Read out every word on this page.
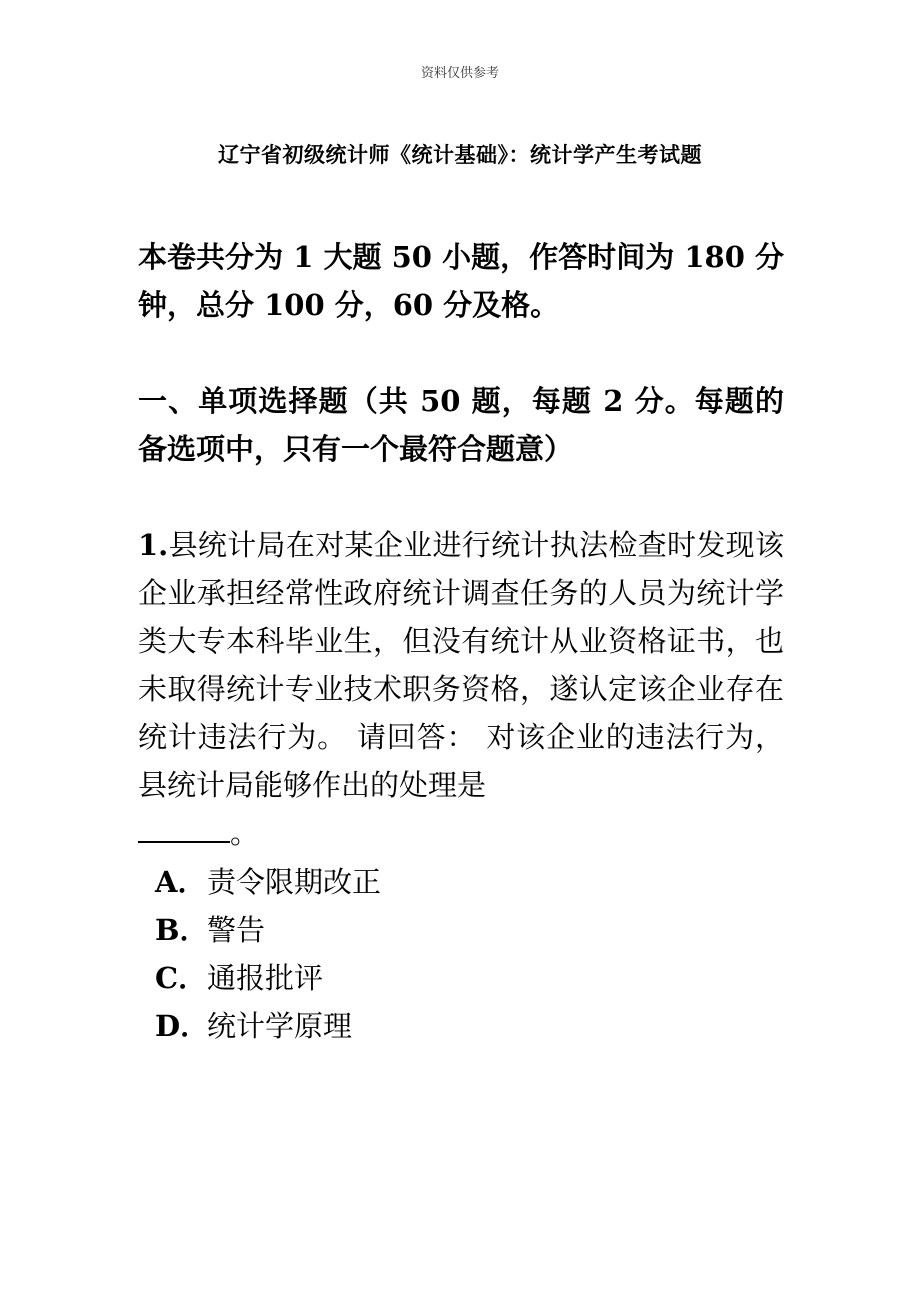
资料仅供参考
辽宁省初级统计师《统计基础》：统计学产生考试题

本卷共分为 1 大题 50 小题，作答时间为 180 分钟，总分 100 分，60 分及格。

一、单项选择题（共 50 题，每题 2 分。每题的备选项中，只有一个最符合题意）

1.县统计局在对某企业进行统计执法检查时发现该企业承担经常性政府统计调查任务的人员为统计学类大专本科毕业生，但没有统计从业资格证书，也未取得统计专业技术职务资格，遂认定该企业存在统计违法行为。 请回答： 对该企业的违法行为，县统计局能够作出的处理是
。

A．责令限期改正
B．警告
C．通报批评
D．统计学原理
